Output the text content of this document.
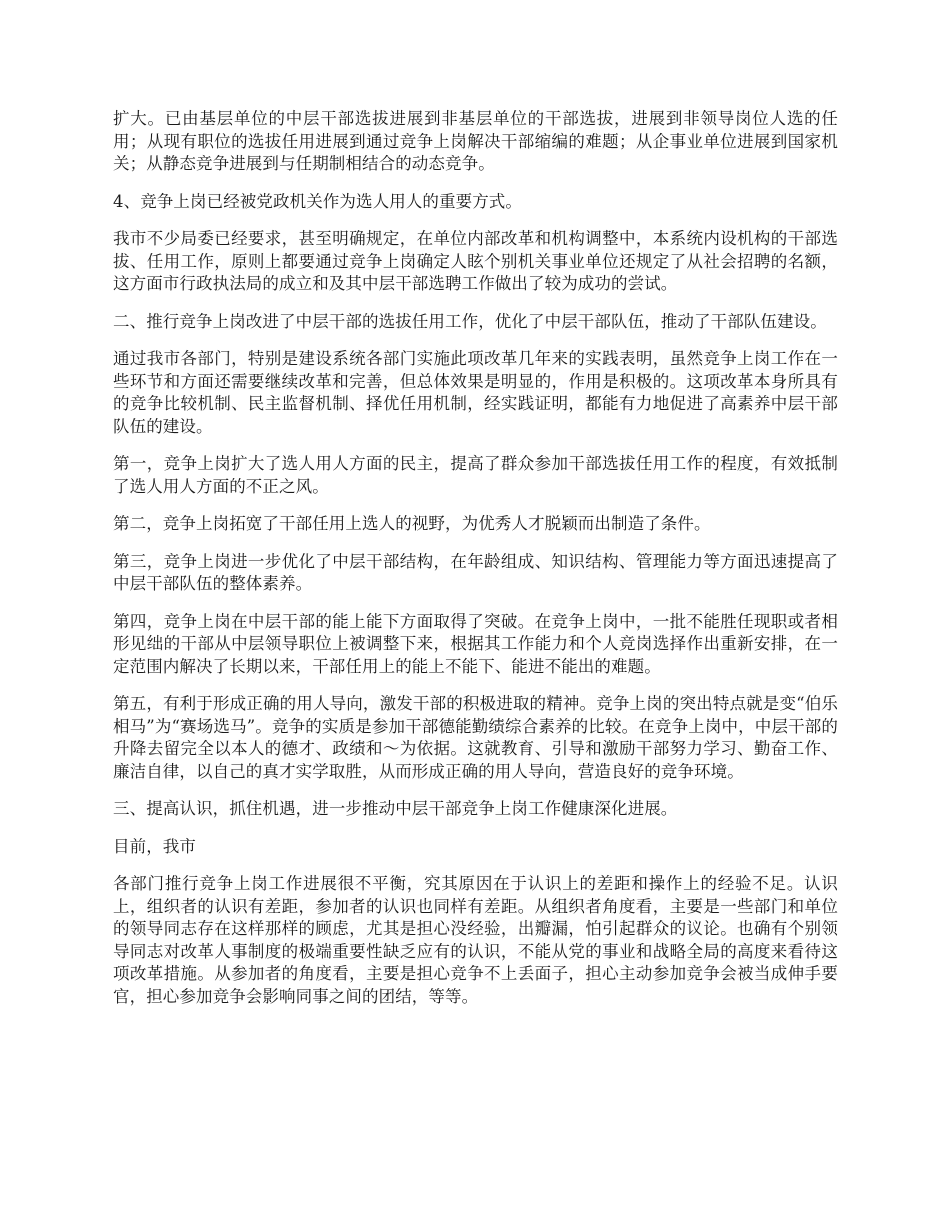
扩大。已由基层单位的中层干部选拔进展到非基层单位的干部选拔，进展到非领导岗位人选的任用；从现有职位的选拔任用进展到通过竞争上岗解决干部缩编的难题；从企事业单位进展到国家机关；从静态竞争进展到与任期制相结合的动态竞争。

4、竞争上岗已经被党政机关作为选人用人的重要方式。

我市不少局委已经要求，甚至明确规定，在单位内部改革和机构调整中，本系统内设机构的干部选拔、任用工作，原则上都要通过竞争上岗确定人眩个别机关事业单位还规定了从社会招聘的名额，这方面市行政执法局的成立和及其中层干部选聘工作做出了较为成功的尝试。

二、推行竞争上岗改进了中层干部的选拔任用工作，优化了中层干部队伍，推动了干部队伍建设。

通过我市各部门，特别是建设系统各部门实施此项改革几年来的实践表明，虽然竞争上岗工作在一些环节和方面还需要继续改革和完善，但总体效果是明显的，作用是积极的。这项改革本身所具有的竞争比较机制、民主监督机制、择优任用机制，经实践证明，都能有力地促进了高素养中层干部队伍的建设。

第一，竞争上岗扩大了选人用人方面的民主，提高了群众参加干部选拔任用工作的程度，有效抵制了选人用人方面的不正之风。

第二，竞争上岗拓宽了干部任用上选人的视野，为优秀人才脱颖而出制造了条件。

第三，竞争上岗进一步优化了中层干部结构，在年龄组成、知识结构、管理能力等方面迅速提高了中层干部队伍的整体素养。

第四，竞争上岗在中层干部的能上能下方面取得了突破。在竞争上岗中，一批不能胜任现职或者相形见绌的干部从中层领导职位上被调整下来，根据其工作能力和个人竞岗选择作出重新安排，在一定范围内解决了长期以来，干部任用上的能上不能下、能进不能出的难题。

第五，有利于形成正确的用人导向，激发干部的积极进取的精神。竞争上岗的突出特点就是变“伯乐相马”为“赛场选马”。竞争的实质是参加干部德能勤绩综合素养的比较。在竞争上岗中，中层干部的升降去留完全以本人的德才、政绩和～为依据。这就教育、引导和激励干部努力学习、勤奋工作、廉洁自律，以自己的真才实学取胜，从而形成正确的用人导向，营造良好的竞争环境。

三、提高认识，抓住机遇，进一步推动中层干部竞争上岗工作健康深化进展。

目前，我市

各部门推行竞争上岗工作进展很不平衡，究其原因在于认识上的差距和操作上的经验不足。认识上，组织者的认识有差距，参加者的认识也同样有差距。从组织者角度看，主要是一些部门和单位的领导同志存在这样那样的顾虑，尤其是担心没经验，出瓣漏，怕引起群众的议论。也确有个别领导同志对改革人事制度的极端重要性缺乏应有的认识，不能从党的事业和战略全局的高度来看待这项改革措施。从参加者的角度看，主要是担心竞争不上丢面子，担心主动参加竞争会被当成伸手要官，担心参加竞争会影响同事之间的团结，等等。
